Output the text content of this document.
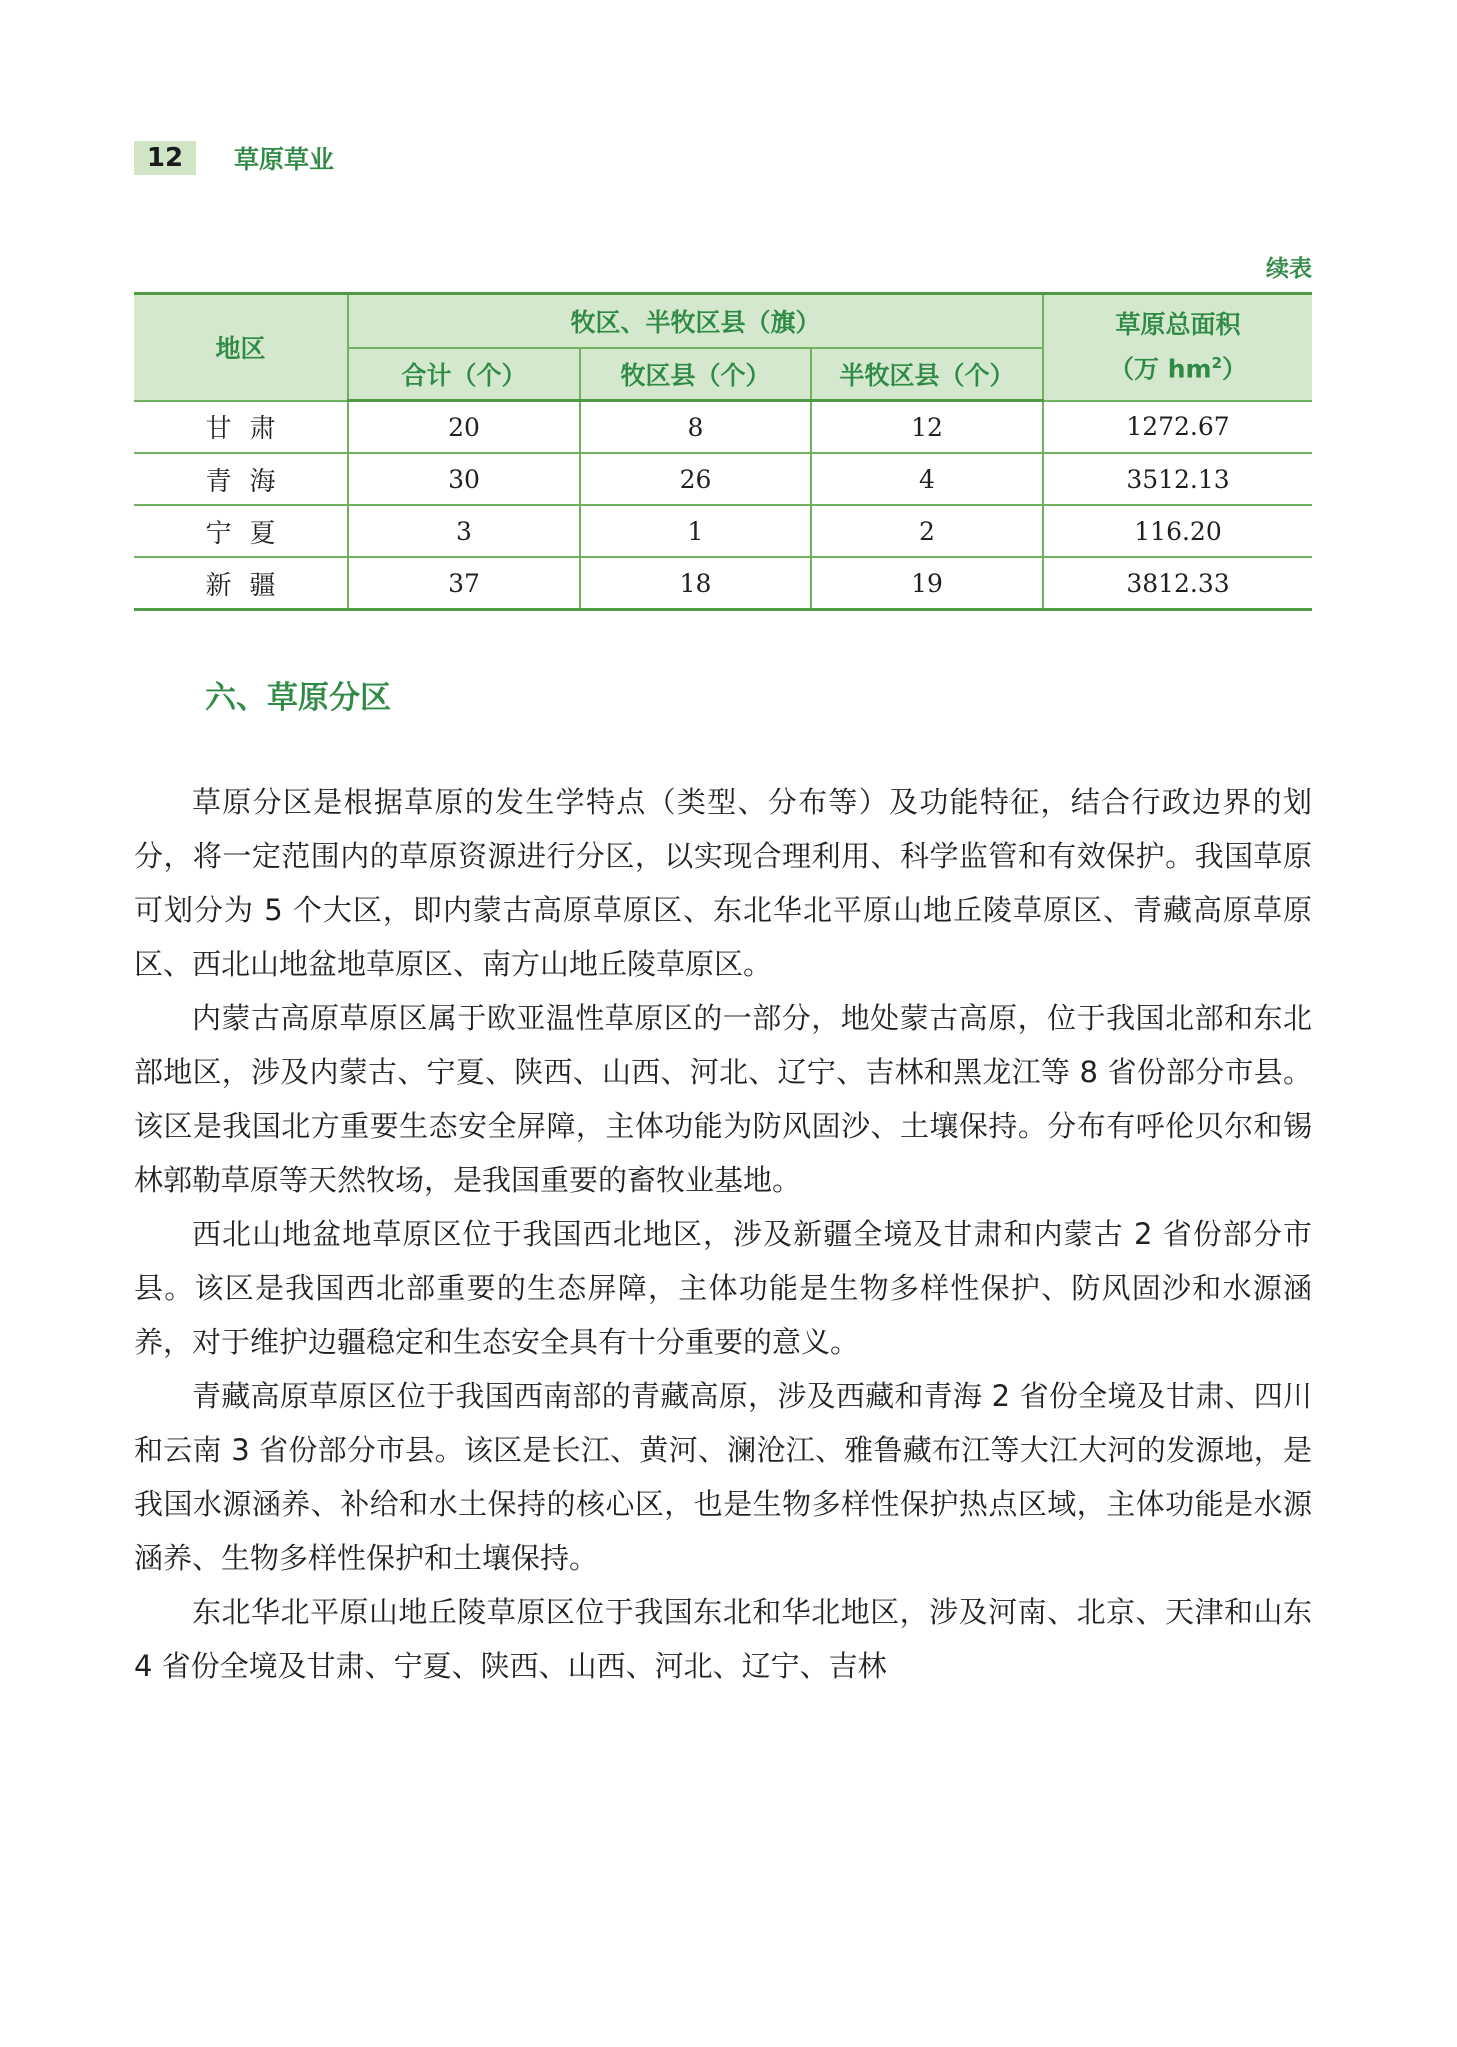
12	草原草业
续表
地区	牧区、半牧区县（旗）			草原总面积
（万 $hm^2$）

	合计（个）	牧区县（个）	半牧区县（个）	
甘肃	20	8	12	1272.67
青海	30	26	4	3512.13
宁夏	3	1	2	116.20
新疆	37	18	19	3812.33
六、草原分区

草原分区是根据草原的发生学特点（类型、分布等）及功能特征，结合行政边界的划分，将一定范围内的草原资源进行分区，以实现合理利用、科学监管和有效保护。我国草原可划分为 5 个大区，即内蒙古高原草原区、东北华北平原山地丘陵草原区、青藏高原草原区、西北山地盆地草原区、南方山地丘陵草原区。

内蒙古高原草原区属于欧亚温性草原区的一部分，地处蒙古高原，位于我国北部和东北部地区，涉及内蒙古、宁夏、陕西、山西、河北、辽宁、吉林和黑龙江等 8 省份部分市县。该区是我国北方重要生态安全屏障，主体功能为防风固沙、土壤保持。分布有呼伦贝尔和锡林郭勒草原等天然牧场，是我国重要的畜牧业基地。

西北山地盆地草原区位于我国西北地区，涉及新疆全境及甘肃和内蒙古 2 省份部分市县。该区是我国西北部重要的生态屏障，主体功能是生物多样性保护、防风固沙和水源涵养，对于维护边疆稳定和生态安全具有十分重要的意义。

青藏高原草原区位于我国西南部的青藏高原，涉及西藏和青海 2 省份全境及甘肃、四川和云南 3 省份部分市县。该区是长江、黄河、澜沧江、雅鲁藏布江等大江大河的发源地，是我国水源涵养、补给和水土保持的核心区，也是生物多样性保护热点区域，主体功能是水源涵养、生物多样性保护和土壤保持。

东北华北平原山地丘陵草原区位于我国东北和华北地区，涉及河南、北京、天津和山东 4 省份全境及甘肃、宁夏、陕西、山西、河北、辽宁、吉林
